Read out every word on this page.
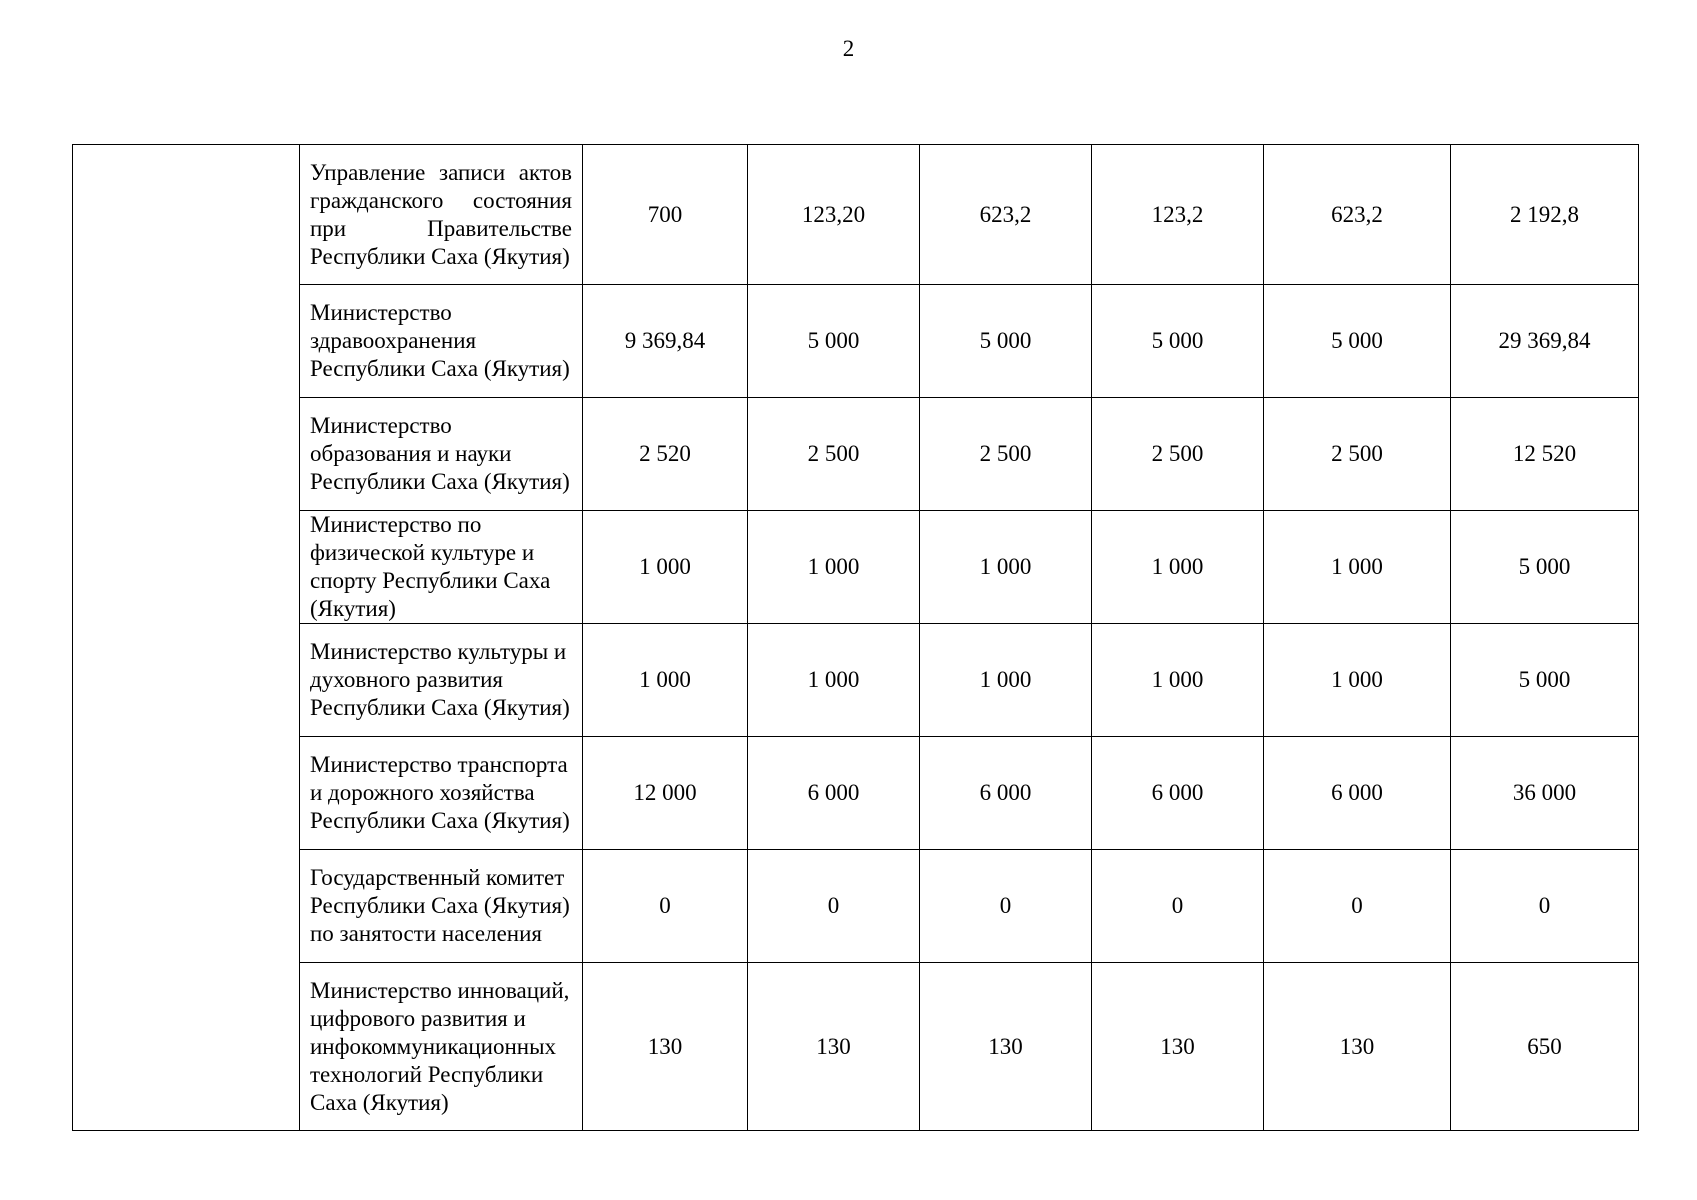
2
	Управление записи актов гражданского состояния при Правительстве Республики Саха (Якутия)	700	123,20	623,2	123,2	623,2	2 192,8
	Министерство здравоохранения Республики Саха (Якутия)	9 369,84	5 000	5 000	5 000	5 000	29 369,84
	Министерство образования и науки Республики Саха (Якутия)	2 520	2 500	2 500	2 500	2 500	12 520
	Министерство по физической культуре и спорту Республики Саха (Якутия)	1 000	1 000	1 000	1 000	1 000	5 000
	Министерство культуры и духовного развития Республики Саха (Якутия)	1 000	1 000	1 000	1 000	1 000	5 000
	Министерство транспорта и дорожного хозяйства Республики Саха (Якутия)	12 000	6 000	6 000	6 000	6 000	36 000
	Государственный комитет Республики Саха (Якутия) по занятости населения	0	0	0	0	0	0
	Министерство инноваций, цифрового развития и инфокоммуникационных технологий Республики Саха (Якутия)	130	130	130	130	130	650
